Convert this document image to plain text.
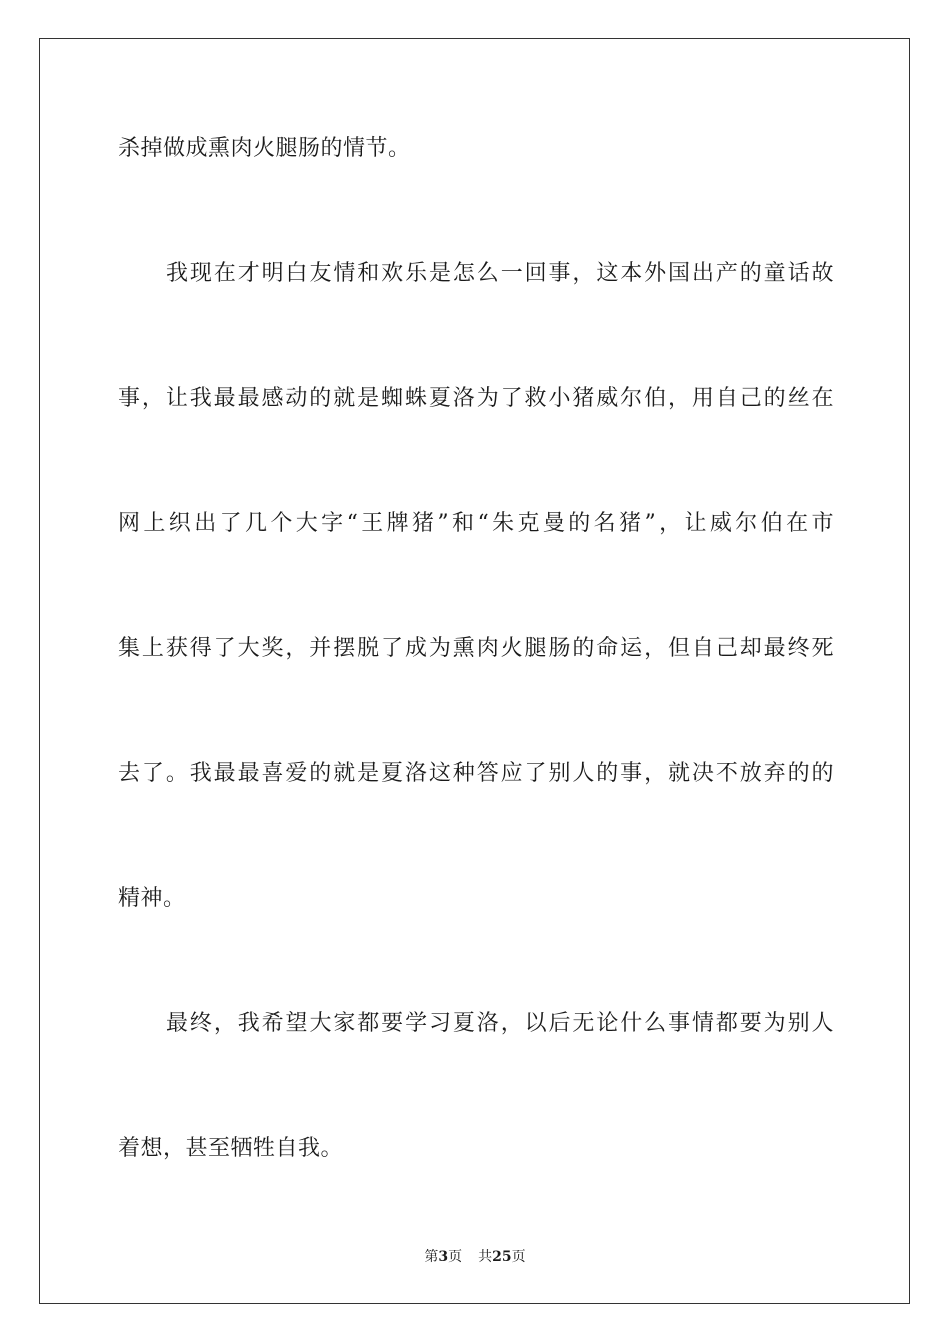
杀掉做成熏肉火腿肠的情节。
我现在才明白友情和欢乐是怎么一回事，这本外国出产的童话故
事，让我最最感动的就是蜘蛛夏洛为了救小猪威尔伯，用自己的丝在
网上织出了几个大字“王牌猪”和“朱克曼的名猪”，让威尔伯在市
集上获得了大奖，并摆脱了成为熏肉火腿肠的命运，但自己却最终死
去了。我最最喜爱的就是夏洛这种答应了别人的事，就决不放弃的的
精神。
最终，我希望大家都要学习夏洛，以后无论什么事情都要为别人
着想，甚至牺牲自我。
第3页 共25页
